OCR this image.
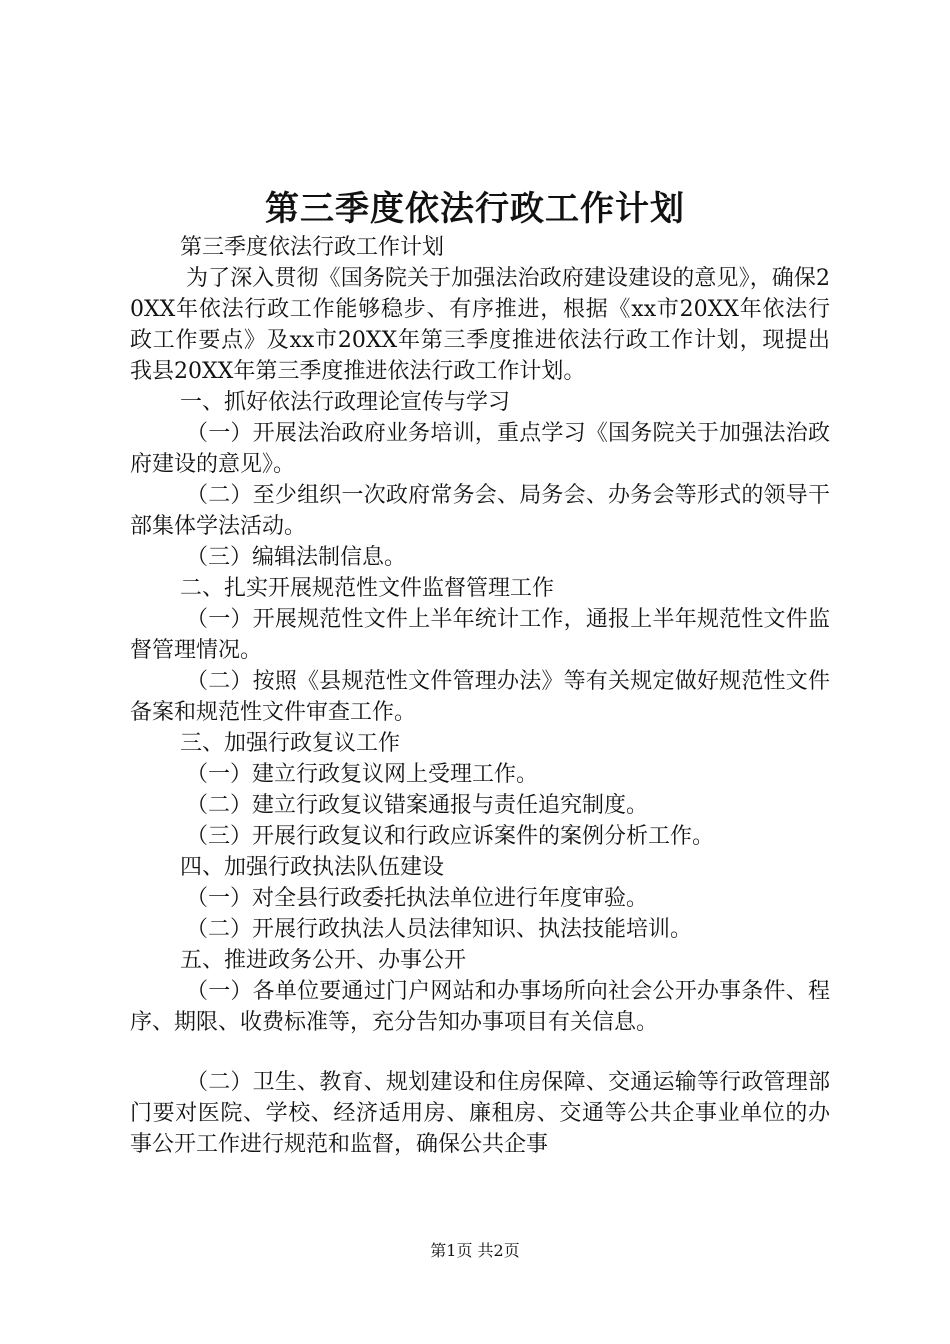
第三季度依法行政工作计划

第三季度依法行政工作计划

为了深入贯彻《国务院关于加强法治政府建设建设的意见》，确保20XX年依法行政工作能够稳步、有序推进，根据《xx市20XX年依法行政工作要点》及xx市20XX年第三季度推进依法行政工作计划，现提出我县20XX年第三季度推进依法行政工作计划。

一、抓好依法行政理论宣传与学习

（一）开展法治政府业务培训，重点学习《国务院关于加强法治政府建设的意见》。

（二）至少组织一次政府常务会、局务会、办务会等形式的领导干部集体学法活动。

（三）编辑法制信息。

二、扎实开展规范性文件监督管理工作

（一）开展规范性文件上半年统计工作，通报上半年规范性文件监督管理情况。

（二）按照《县规范性文件管理办法》等有关规定做好规范性文件备案和规范性文件审查工作。

三、加强行政复议工作

（一）建立行政复议网上受理工作。

（二）建立行政复议错案通报与责任追究制度。

（三）开展行政复议和行政应诉案件的案例分析工作。

四、加强行政执法队伍建设

（一）对全县行政委托执法单位进行年度审验。

（二）开展行政执法人员法律知识、执法技能培训。

五、推进政务公开、办事公开

（一）各单位要通过门户网站和办事场所向社会公开办事条件、程序、期限、收费标准等，充分告知办事项目有关信息。

（二）卫生、教育、规划建设和住房保障、交通运输等行政管理部门要对医院、学校、经济适用房、廉租房、交通等公共企事业单位的办事公开工作进行规范和监督，确保公共企事

第1页 共2页
